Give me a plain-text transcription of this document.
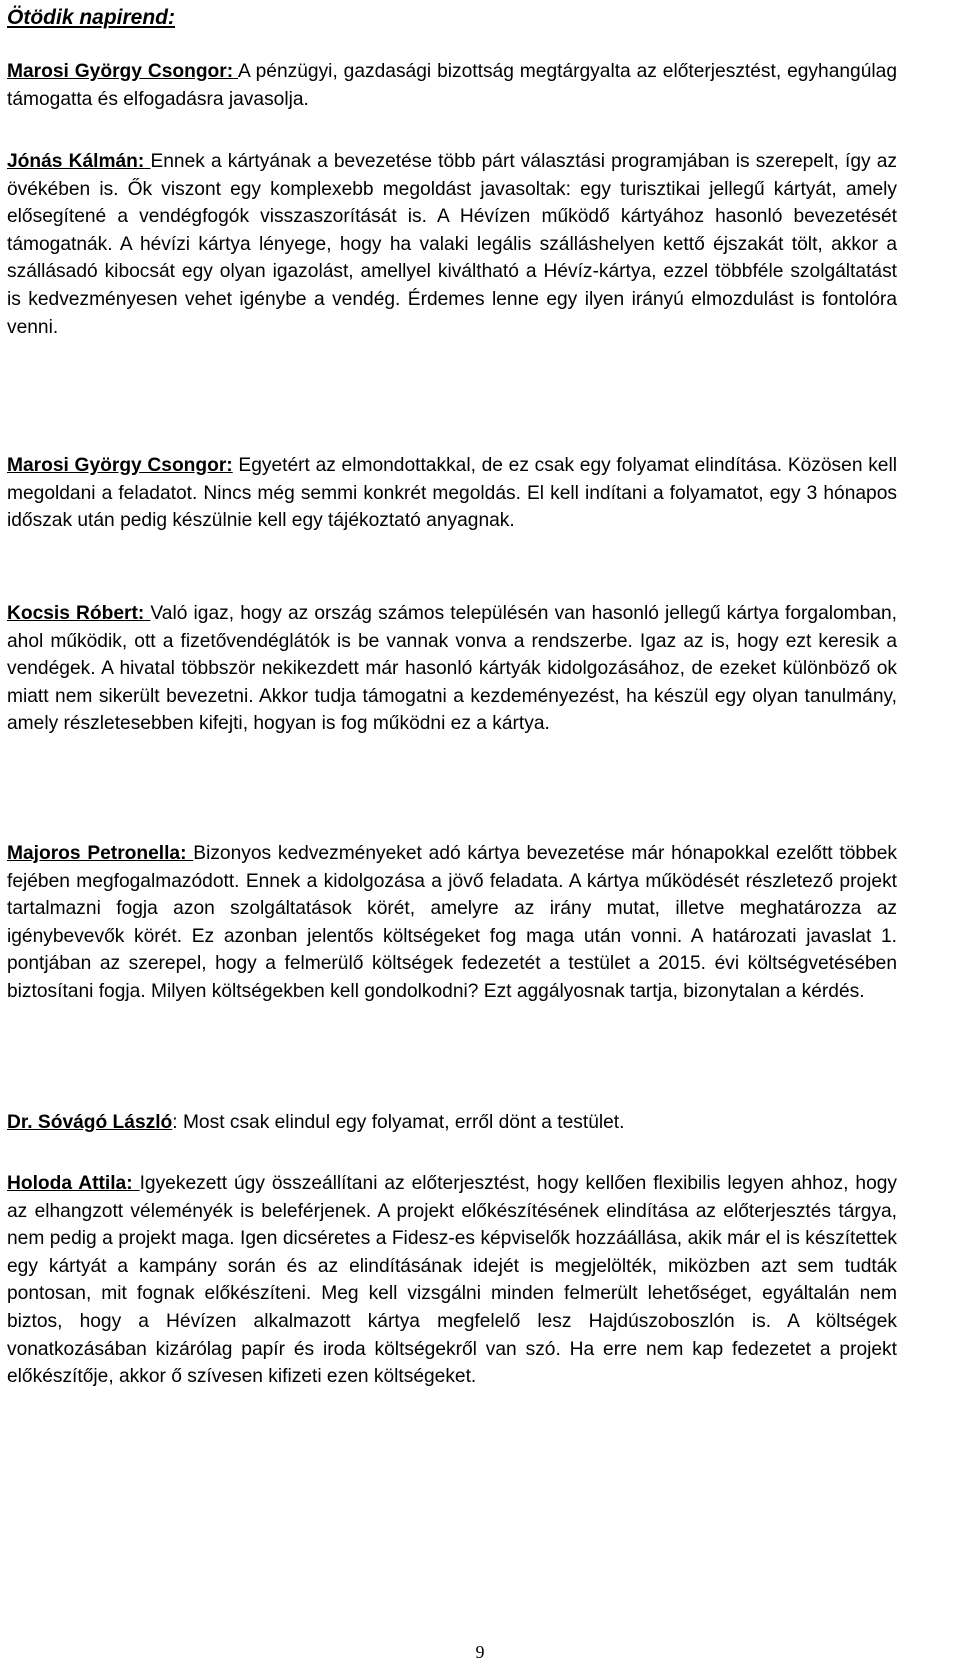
Ötödik napirend:

Marosi György Csongor: A pénzügyi, gazdasági bizottság megtárgyalta az előterjesztést, egyhangúlag támogatta és elfogadásra javasolja.

Jónás Kálmán: Ennek a kártyának a bevezetése több párt választási programjában is szerepelt, így az övékében is. Ők viszont egy komplexebb megoldást javasoltak: egy turisztikai jellegű kártyát, amely elősegítené a vendégfogók visszaszorítását is. A Hévízen működő kártyához hasonló bevezetését támogatnák. A hévízi kártya lényege, hogy ha valaki legális szálláshelyen kettő éjszakát tölt, akkor a szállásadó kibocsát egy olyan igazolást, amellyel kiváltható a Hévíz-kártya, ezzel többféle szolgáltatást is kedvezményesen vehet igénybe a vendég. Érdemes lenne egy ilyen irányú elmozdulást is fontolóra venni.

Marosi György Csongor: Egyetért az elmondottakkal, de ez csak egy folyamat elindítása. Közösen kell megoldani a feladatot. Nincs még semmi konkrét megoldás. El kell indítani a folyamatot, egy 3 hónapos időszak után pedig készülnie kell egy tájékoztató anyagnak.

Kocsis Róbert: Való igaz, hogy az ország számos településén van hasonló jellegű kártya forgalomban, ahol működik, ott a fizetővendéglátók is be vannak vonva a rendszerbe. Igaz az is, hogy ezt keresik a vendégek. A hivatal többször nekikezdett már hasonló kártyák kidolgozásához, de ezeket különböző ok miatt nem sikerült bevezetni. Akkor tudja támogatni a kezdeményezést, ha készül egy olyan tanulmány, amely részletesebben kifejti, hogyan is fog működni ez a kártya.

Majoros Petronella: Bizonyos kedvezményeket adó kártya bevezetése már hónapokkal ezelőtt többek fejében megfogalmazódott. Ennek a kidolgozása a jövő feladata. A kártya működését részletező projekt tartalmazni fogja azon szolgáltatások körét, amelyre az irány mutat, illetve meghatározza az igénybevevők körét. Ez azonban jelentős költségeket fog maga után vonni. A határozati javaslat 1. pontjában az szerepel, hogy a felmerülő költségek fedezetét a testület a 2015. évi költségvetésében biztosítani fogja. Milyen költségekben kell gondolkodni? Ezt aggályosnak tartja, bizonytalan a kérdés.

Dr. Sóvágó László: Most csak elindul egy folyamat, erről dönt a testület.

Holoda Attila: Igyekezett úgy összeállítani az előterjesztést, hogy kellően flexibilis legyen ahhoz, hogy az elhangzott véleményék is beleférjenek. A projekt előkészítésének elindítása az előterjesztés tárgya, nem pedig a projekt maga. Igen dicséretes a Fidesz-es képviselők hozzáállása, akik már el is készítettek egy kártyát a kampány során és az elindításának idejét is megjelölték, miközben azt sem tudták pontosan, mit fognak előkészíteni. Meg kell vizsgálni minden felmerült lehetőséget, egyáltalán nem biztos, hogy a Hévízen alkalmazott kártya megfelelő lesz Hajdúszoboszlón is. A költségek vonatkozásában kizárólag papír és iroda költségekről van szó. Ha erre nem kap fedezetet a projekt előkészítője, akkor ő szívesen kifizeti ezen költségeket.

9
